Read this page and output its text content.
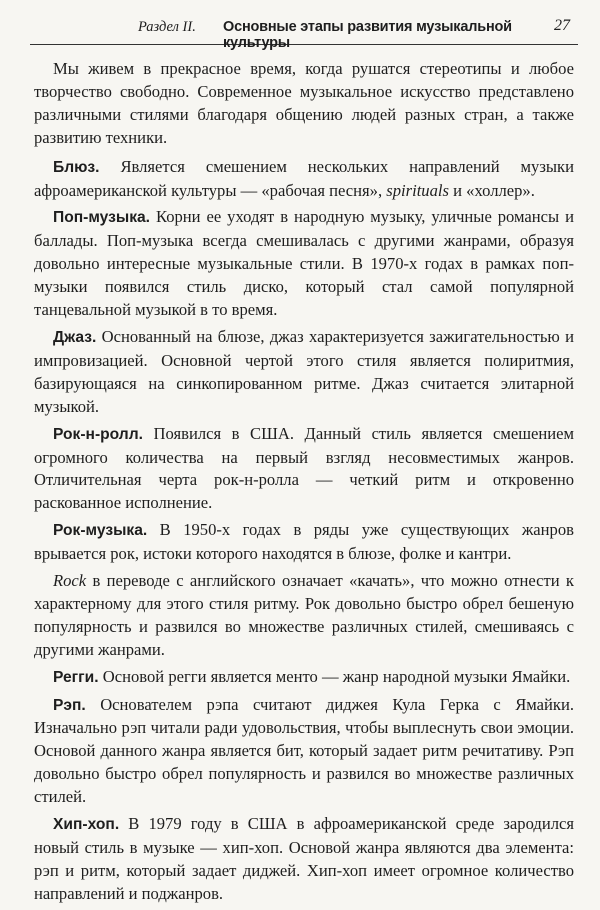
Раздел II. Основные этапы развития музыкальной культуры
27

Мы живем в прекрасное время, когда рушатся стереотипы и любое творчество свободно. Современное музыкальное искусство представлено различными стилями благодаря общению людей разных стран, а также развитию техники.

Блюз. Является смешением нескольких направлений музыки афроамериканской культуры — «рабочая песня», spirituals и «холлер».

Поп-музыка. Корни ее уходят в народную музыку, уличные романсы и баллады. Поп-музыка всегда смешивалась с другими жанрами, образуя довольно интересные музыкальные стили. В 1970-х годах в рамках поп-музыки появился стиль диско, который стал самой популярной танцевальной музыкой в то время.

Джаз. Основанный на блюзе, джаз характеризуется зажигательностью и импровизацией. Основной чертой этого стиля является полиритмия, базирующаяся на синкопированном ритме. Джаз считается элитарной музыкой.

Рок-н-ролл. Появился в США. Данный стиль является смешением огромного количества на первый взгляд несовместимых жанров. Отличительная черта рок-н-ролла — четкий ритм и откровенно раскованное исполнение.

Рок-музыка. В 1950-х годах в ряды уже существующих жанров врывается рок, истоки которого находятся в блюзе, фолке и кантри.

Rock в переводе с английского означает «качать», что можно отнести к характерному для этого стиля ритму. Рок довольно быстро обрел бешеную популярность и развился во множестве различных стилей, смешиваясь с другими жанрами.

Регги. Основой регги является менто — жанр народной музыки Ямайки.

Рэп. Основателем рэпа считают диджея Кула Герка с Ямайки. Изначально рэп читали ради удовольствия, чтобы выплеснуть свои эмоции. Основой данного жанра является бит, который задает ритм речитативу. Рэп довольно быстро обрел популярность и развился во множестве различных стилей.

Хип-хоп. В 1979 году в США в афроамериканской среде зародился новый стиль в музыке — хип-хоп. Основой жанра являются два элемента: рэп и ритм, который задает диджей. Хип-хоп имеет огромное количество направлений и поджанров.
